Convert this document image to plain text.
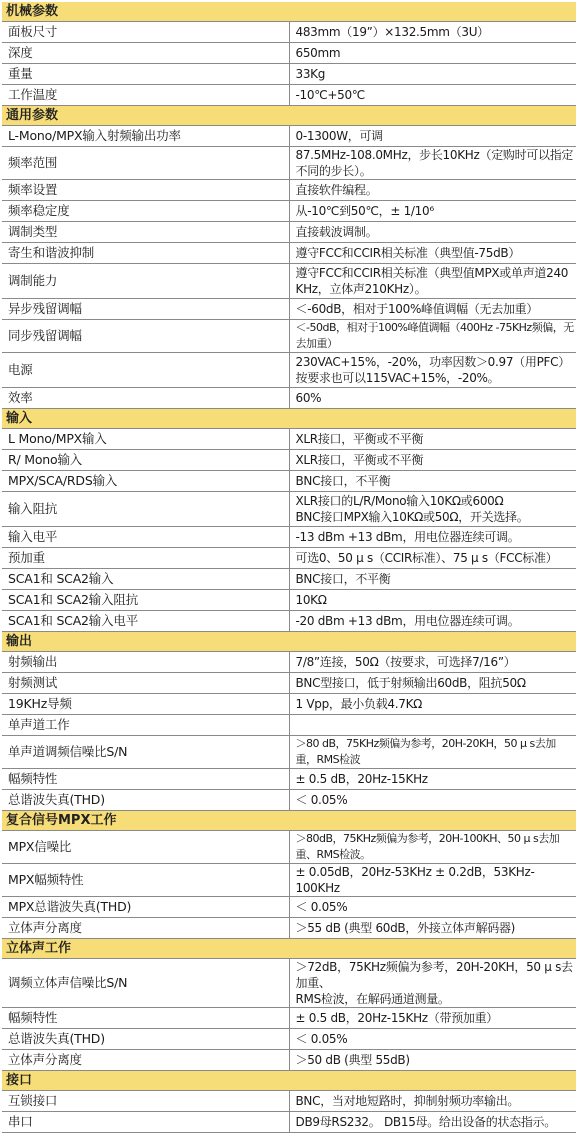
机械参数	
面板尺寸	483mm（19”）×132.5mm（3U）
深度	650mm
重量	33Kg
工作温度	-10℃+50℃
通用参数	
L-Mono/MPX输入射频输出功率	0-1300W，可调
频率范围	87.5MHz-108.0MHz，步长10KHz（定购时可以指定不同的步长）。
频率设置	直接软件编程。
频率稳定度	从-10℃到50℃，± 1/10⁶
调制类型	直接载波调制。
寄生和谐波抑制	遵守FCC和CCIR相关标准（典型值-75dB）
调制能力	遵守FCC和CCIR相关标准（典型值MPX或单声道240
KHz，立体声210KHz）。
异步残留调幅	＜-60dB，相对于100%峰值调幅（无去加重）
同步残留调幅	＜-50dB，相对于100%峰值调幅（400Hz -75KHz频偏，无去加重）
电源	230VAC+15%，-20%，功率因数＞0.97（用PFC）
按要求也可以115VAC+15%，-20%。
效率	60%
输入	
L Mono/MPX输入	XLR接口，平衡或不平衡
R/ Mono输入	XLR接口，平衡或不平衡
MPX/SCA/RDS输入	BNC接口，不平衡
输入阻抗	XLR接口的L/R/Mono输入10KΩ或600Ω
BNC接口MPX输入10KΩ或50Ω，开关选择。
输入电平	-13 dBm +13 dBm，用电位器连续可调。
预加重	可选0、50 µ s（CCIR标准）、75 µ s（FCC标准）
SCA1和 SCA2输入	BNC接口，不平衡
SCA1和 SCA2输入阻抗	10KΩ
SCA1和 SCA2输入电平	-20 dBm +13 dBm，用电位器连续可调。
输出	
射频输出	7/8”连接，50Ω（按要求，可选择7/16”）
射频测试	BNC型接口，低于射频输出60dB，阻抗50Ω
19KHz导频	1 Vpp，最小负载4.7KΩ
单声道工作	
单声道调频信噪比S/N	＞80 dB，75KHz频偏为参考，20H-20KH，50 µ s去加重，RMS检波
幅频特性	± 0.5 dB，20Hz-15KHz
总谐波失真(THD)	＜ 0.05%
复合信号MPX工作	
MPX信噪比	＞80dB，75KHz频偏为参考，20H-100KH、50 µ s去加重、RMS检波。
MPX幅频特性	± 0.05dB，20Hz-53KHz ± 0.2dB，53KHz-100KHz
MPX总谐波失真(THD)	＜ 0.05%
立体声分离度	＞55 dB (典型 60dB，外接立体声解码器)
立体声工作	
调频立体声信噪比S/N	＞72dB，75KHz频偏为参考，20H-20KH，50 µ s去加重、
RMS检波，在解码通道测量。
幅频特性	± 0.5 dB，20Hz-15KHz（带预加重）
总谐波失真(THD)	＜ 0.05%
立体声分离度	＞50 dB (典型 55dB)
接口	
互锁接口	BNC，当对地短路时，抑制射频功率输出。
串口	DB9母RS232。 DB15母。给出设备的状态指示。
